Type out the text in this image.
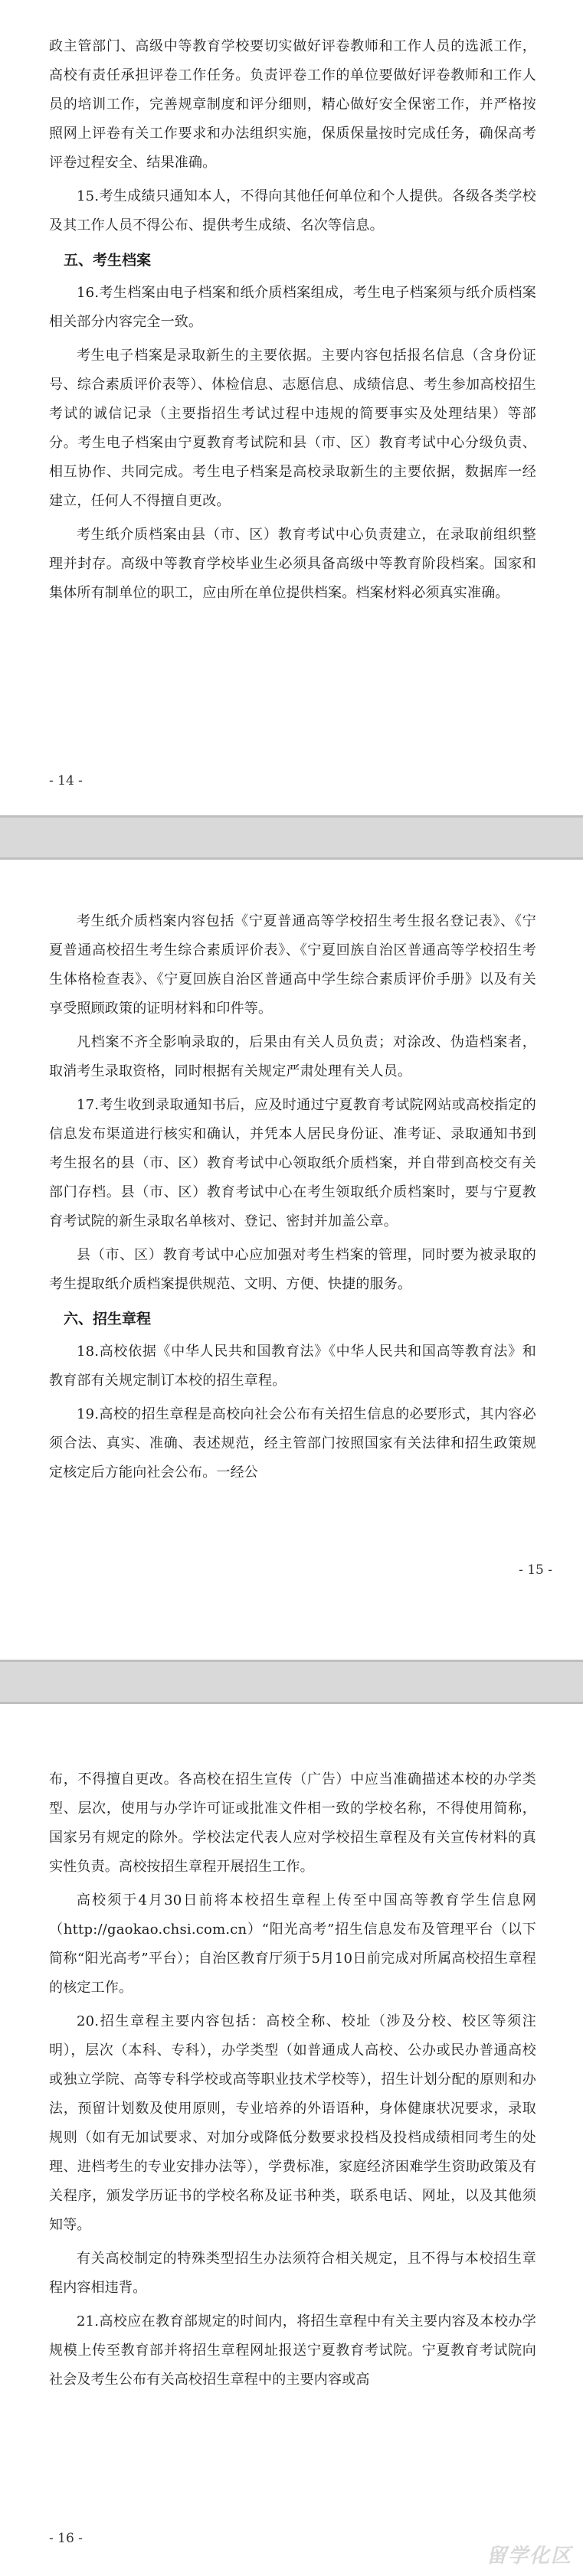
政主管部门、高级中等教育学校要切实做好评卷教师和工作人员的选派工作，高校有责任承担评卷工作任务。负责评卷工作的单位要做好评卷教师和工作人员的培训工作，完善规章制度和评分细则，精心做好安全保密工作，并严格按照网上评卷有关工作要求和办法组织实施，保质保量按时完成任务，确保高考评卷过程安全、结果准确。

15.考生成绩只通知本人，不得向其他任何单位和个人提供。各级各类学校及其工作人员不得公布、提供考生成绩、名次等信息。

五、考生档案

16.考生档案由电子档案和纸介质档案组成，考生电子档案须与纸介质档案相关部分内容完全一致。

考生电子档案是录取新生的主要依据。主要内容包括报名信息（含身份证号、综合素质评价表等）、体检信息、志愿信息、成绩信息、考生参加高校招生考试的诚信记录（主要指招生考试过程中违规的简要事实及处理结果）等部分。考生电子档案由宁夏教育考试院和县（市、区）教育考试中心分级负责、相互协作、共同完成。考生电子档案是高校录取新生的主要依据，数据库一经建立，任何人不得擅自更改。

考生纸介质档案由县（市、区）教育考试中心负责建立，在录取前组织整理并封存。高级中等教育学校毕业生必须具备高级中等教育阶段档案。国家和集体所有制单位的职工，应由所在单位提供档案。档案材料必须真实准确。

- 14 -

考生纸介质档案内容包括《宁夏普通高等学校招生考生报名登记表》、《宁夏普通高校招生考生综合素质评价表》、《宁夏回族自治区普通高等学校招生考生体格检查表》、《宁夏回族自治区普通高中学生综合素质评价手册》以及有关享受照顾政策的证明材料和印件等。

凡档案不齐全影响录取的，后果由有关人员负责；对涂改、伪造档案者，取消考生录取资格，同时根据有关规定严肃处理有关人员。

17.考生收到录取通知书后，应及时通过宁夏教育考试院网站或高校指定的信息发布渠道进行核实和确认，并凭本人居民身份证、准考证、录取通知书到考生报名的县（市、区）教育考试中心领取纸介质档案，并自带到高校交有关部门存档。县（市、区）教育考试中心在考生领取纸介质档案时，要与宁夏教育考试院的新生录取名单核对、登记、密封并加盖公章。

县（市、区）教育考试中心应加强对考生档案的管理，同时要为被录取的考生提取纸介质档案提供规范、文明、方便、快捷的服务。

六、招生章程

18.高校依据《中华人民共和国教育法》《中华人民共和国高等教育法》和教育部有关规定制订本校的招生章程。

19.高校的招生章程是高校向社会公布有关招生信息的必要形式，其内容必须合法、真实、准确、表述规范，经主管部门按照国家有关法律和招生政策规定核定后方能向社会公布。一经公

- 15 -

布，不得擅自更改。各高校在招生宣传（广告）中应当准确描述本校的办学类型、层次，使用与办学许可证或批准文件相一致的学校名称，不得使用简称，国家另有规定的除外。学校法定代表人应对学校招生章程及有关宣传材料的真实性负责。高校按招生章程开展招生工作。

高校须于4月30日前将本校招生章程上传至中国高等教育学生信息网（http://gaokao.chsi.com.cn）“阳光高考”招生信息发布及管理平台（以下简称“阳光高考”平台）；自治区教育厅须于5月10日前完成对所属高校招生章程的核定工作。

20.招生章程主要内容包括：高校全称、校址（涉及分校、校区等须注明），层次（本科、专科），办学类型（如普通成人高校、公办或民办普通高校或独立学院、高等专科学校或高等职业技术学校等），招生计划分配的原则和办法，预留计划数及使用原则，专业培养的外语语种，身体健康状况要求，录取规则（如有无加试要求、对加分或降低分数要求投档及投档成绩相同考生的处理、进档考生的专业安排办法等），学费标准，家庭经济困难学生资助政策及有关程序，颁发学历证书的学校名称及证书种类，联系电话、网址，以及其他须知等。

有关高校制定的特殊类型招生办法须符合相关规定，且不得与本校招生章程内容相违背。

21.高校应在教育部规定的时间内，将招生章程中有关主要内容及本校办学规模上传至教育部并将招生章程网址报送宁夏教育考试院。宁夏教育考试院向社会及考生公布有关高校招生章程中的主要内容或高

- 16 -
留学化区
